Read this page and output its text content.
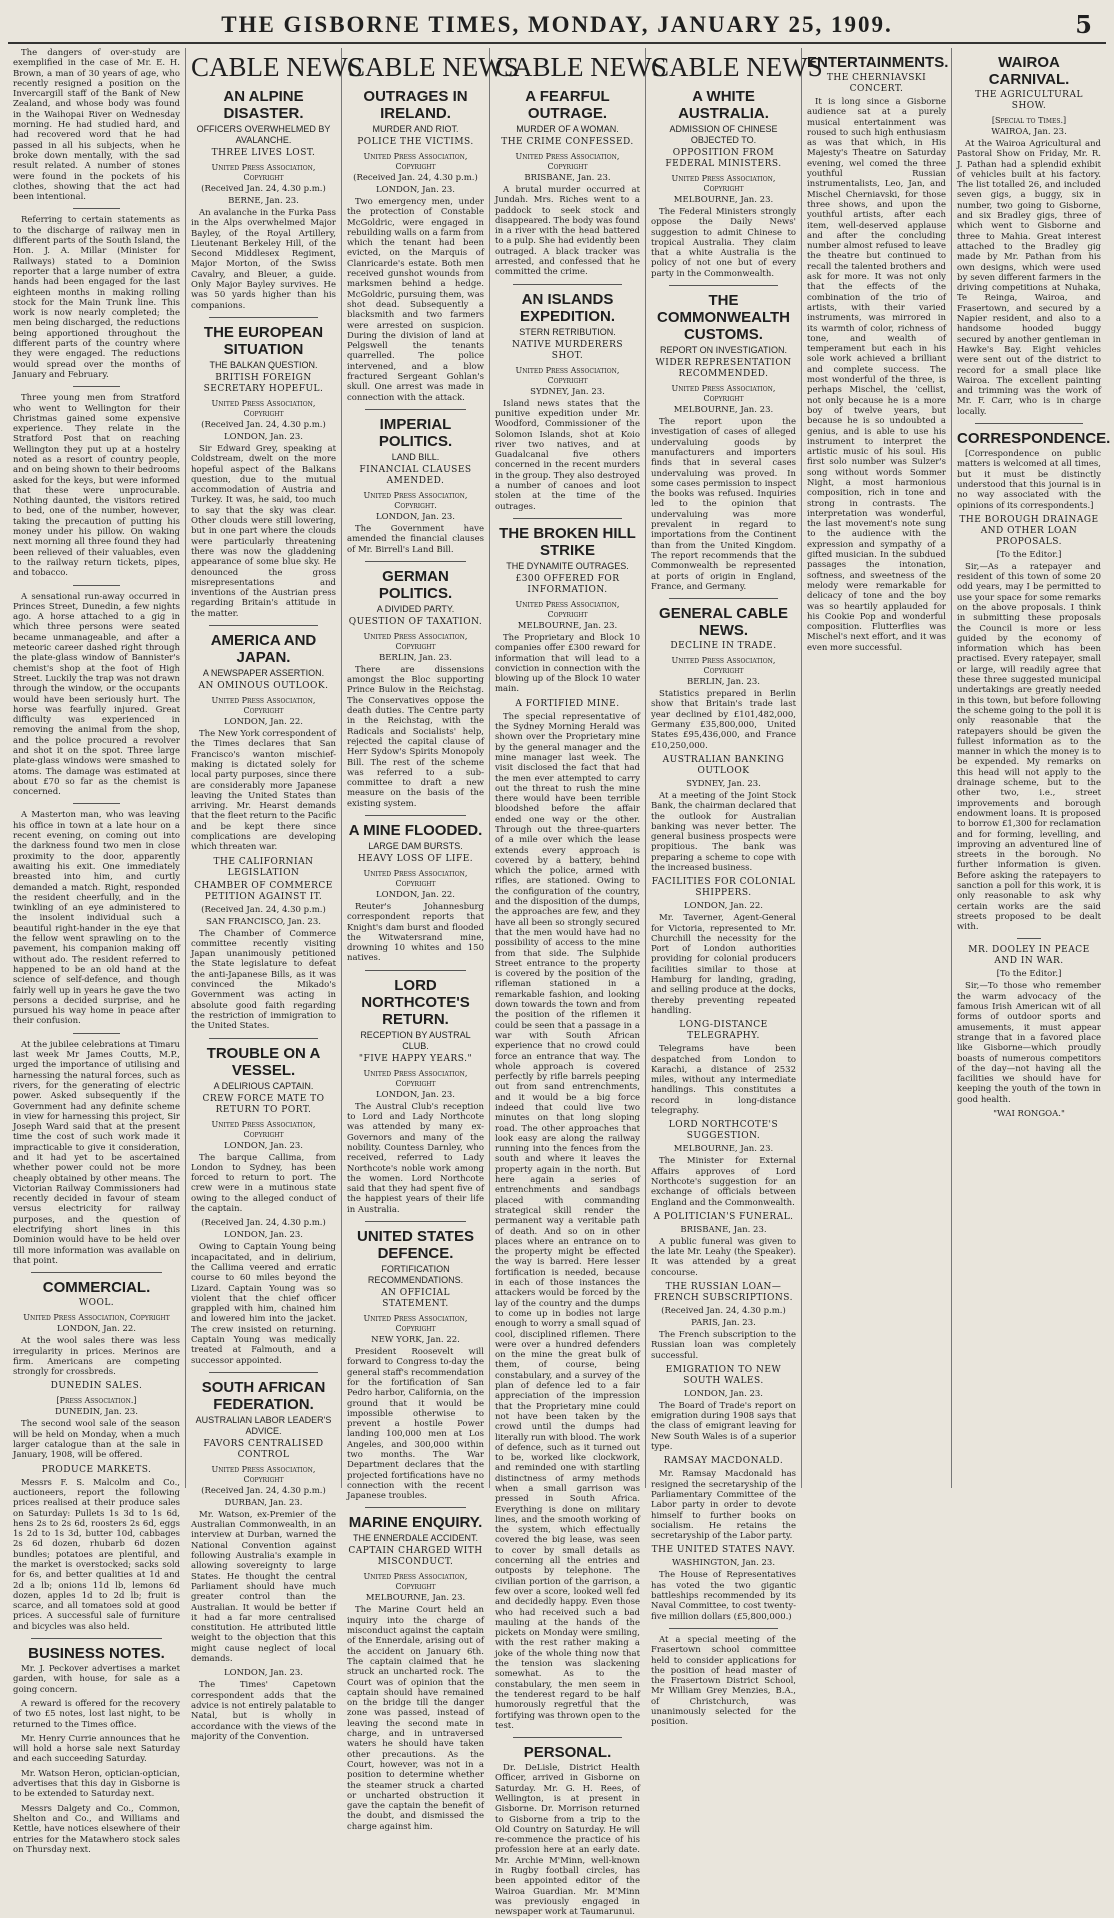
THE GISBORNE TIMES, MONDAY, JANUARY 25, 1909.	5

The dangers of over-study are exemplified in the case of Mr. E. H. Brown, a man of 30 years of age, who recently resigned a position on the Invercargill staff of the Bank of New Zealand, and whose body was found in the Waihopai River on Wednesday morning. He had studied hard, and had recovered word that he had passed in all his subjects, when he broke down mentally, with the sad result related. A number of stones were found in the pockets of his clothes, showing that the act had been intentional.

Referring to certain statements as to the discharge of railway men in different parts of the South Island, the Hon. J. A. Millar (Minister for Railways) stated to a Dominion reporter that a large number of extra hands had been engaged for the last eighteen months in making rolling stock for the Main Trunk line. This work is now nearly completed; the men being discharged, the reductions being apportioned throughout the different parts of the country where they were engaged. The reductions would spread over the months of January and February.

Three young men from Stratford who went to Wellington for their Christmas gained some expensive experience. They relate in the Stratford Post that on reaching Wellington they put up at a hostelry noted as a resort of country people, and on being shown to their bedrooms asked for the keys, but were informed that these were unprocurable. Nothing daunted, the visitors retired to bed, one of the number, however, taking the precaution of putting his money under his pillow. On waking next morning all three found they had been relieved of their valuables, even to the railway return tickets, pipes, and tobacco.

A sensational run-away occurred in Princes Street, Dunedin, a few nights ago. A horse attached to a gig in which three persons were seated became unmanageable, and after a meteoric career dashed right through the plate-glass window of Bannister's chemist's shop at the foot of High Street. Luckily the trap was not drawn through the window, or the occupants would have been seriously hurt. The horse was fearfully injured. Great difficulty was experienced in removing the animal from the shop, and the police procured a revolver and shot it on the spot. Three large plate-glass windows were smashed to atoms. The damage was estimated at about £70 so far as the chemist is concerned.

A Masterton man, who was leaving his office in town at a late hour on a recent evening, on coming out into the darkness found two men in close proximity to the door, apparently awaiting his exit. One immediately breasted into him, and curtly demanded a match. Right, responded the resident cheerfully, and in the twinkling of an eye administered to the insolent individual such a beautiful right-hander in the eye that the fellow went sprawling on to the pavement, his companion making off without ado. The resident referred to happened to be an old hand at the science of self-defence, and though fairly well up in years he gave the two persons a decided surprise, and he pursued his way home in peace after their confusion.

At the jubilee celebrations at Timaru last week Mr James Coutts, M.P., urged the importance of utilising and harnessing the natural forces, such as rivers, for the generating of electric power. Asked subsequently if the Government had any definite scheme in view for harnessing this project, Sir Joseph Ward said that at the present time the cost of such work made it impracticable to give it consideration, and it had yet to be ascertained whether power could not be more cheaply obtained by other means. The Victorian Railway Commissioners had recently decided in favour of steam versus electricity for railway purposes, and the question of electrifying short lines in this Dominion would have to be held over till more information was available on that point.

COMMERCIAL.
WOOL.
United Press Association, Copyright
LONDON, Jan. 22.

At the wool sales there was less irregularity in prices. Merinos are firm. Americans are competing strongly for crossbreds.

DUNEDIN SALES.
[Press Association.]
DUNEDIN, Jan. 23.

The second wool sale of the season will be held on Monday, when a much larger catalogue than at the sale in January, 1908, will be offered.

PRODUCE MARKETS.

Messrs F. S. Malcolm and Co., auctioneers, report the following prices realised at their produce sales on Saturday: Pullets 1s 3d to 1s 6d, hens 2s to 2s 6d, roosters 2s 6d, eggs 1s 2d to 1s 3d, butter 10d, cabbages 2s 6d dozen, rhubarb 6d dozen bundles; potatoes are plentiful, and the market is overstocked; sacks sold for 6s, and better qualities at 1d and 2d a lb; onions 11d lb, lemons 6d dozen, apples 1d to 2d lb; fruit is scarce, and all tomatoes sold at good prices. A successful sale of furniture and bicycles was also held.

BUSINESS NOTES.

Mr. J. Peckover advertises a market garden, with house, for sale as a going concern.

A reward is offered for the recovery of two £5 notes, lost last night, to be returned to the Times office.

Mr. Henry Currie announces that he will hold a horse sale next Saturday and each succeeding Saturday.

Mr. Watson Heron, optician-optician, advertises that this day in Gisborne is to be extended to Saturday next.

Messrs Dalgety and Co., Common, Shelton and Co., and Williams and Kettle, have notices elsewhere of their entries for the Matawhero stock sales on Thursday next.

CABLE NEWS
AN ALPINE DISASTER.
OFFICERS OVERWHELMED BY AVALANCHE.
THREE LIVES LOST.
United Press Association, Copyright
(Received Jan. 24, 4.30 p.m.)
BERNE, Jan. 23.

An avalanche in the Furka Pass in the Alps overwhelmed Major Bayley, of the Royal Artillery, Lieutenant Berkeley Hill, of the Second Middlesex Regiment, Major Morton, of the Swiss Cavalry, and Bleuer, a guide. Only Major Bayley survives. He was 50 yards higher than his companions.

THE EUROPEAN SITUATION
THE BALKAN QUESTION.
BRITISH FOREIGN SECRETARY HOPEFUL.
United Press Association, Copyright
(Received Jan. 24, 4.30 p.m.)
LONDON, Jan. 23.

Sir Edward Grey, speaking at Coldstream, dwelt on the more hopeful aspect of the Balkans question, due to the mutual accommodation of Austria and Turkey. It was, he said, too much to say that the sky was clear. Other clouds were still lowering, but in one part where the clouds were particularly threatening there was now the gladdening appearance of some blue sky. He denounced the gross misrepresentations and inventions of the Austrian press regarding Britain's attitude in the matter.

AMERICA AND JAPAN.
A NEWSPAPER ASSERTION.
AN OMINOUS OUTLOOK.
United Press Association, Copyright
LONDON, Jan. 22.

The New York correspondent of the Times declares that San Francisco's wanton mischief-making is dictated solely for local party purposes, since there are considerably more Japanese leaving the United States than arriving. Mr. Hearst demands that the fleet return to the Pacific and be kept there since complications are developing which threaten war.

THE CALIFORNIAN LEGISLATION
CHAMBER OF COMMERCE PETITION AGAINST IT.
(Received Jan. 24, 4.30 p.m.)
SAN FRANCISCO, Jan. 23.

The Chamber of Commerce committee recently visiting Japan unanimously petitioned the State legislature to defeat the anti-Japanese Bills, as it was convinced the Mikado's Government was acting in absolute good faith regarding the restriction of immigration to the United States.

TROUBLE ON A VESSEL.
A DELIRIOUS CAPTAIN.
CREW FORCE MATE TO RETURN TO PORT.
United Press Association, Copyright
LONDON, Jan. 23.

The barque Callima, from London to Sydney, has been forced to return to port. The crew were in a mutinous state owing to the alleged conduct of the captain.

(Received Jan. 24, 4.30 p.m.)
LONDON, Jan. 23.

Owing to Captain Young being incapacitated, and in delirium, the Callima veered and erratic course to 60 miles beyond the Lizard. Captain Young was so violent that the chief officer grappled with him, chained him and lowered him into the jacket. The crew insisted on returning. Captain Young was medically treated at Falmouth, and a successor appointed.

SOUTH AFRICAN FEDERATION.
AUSTRALIAN LABOR LEADER'S ADVICE.
FAVORS CENTRALISED CONTROL
United Press Association, Copyright
(Received Jan. 24, 4.30 p.m.)
DURBAN, Jan. 23.

Mr. Watson, ex-Premier of the Australian Commonwealth, in an interview at Durban, warned the National Convention against following Australia's example in allowing sovereignty to large States. He thought the central Parliament should have much greater control than the Australian. It would be better if it had a far more centralised constitution. He attributed little weight to the objection that this might cause neglect of local demands.

LONDON, Jan. 23.

The Times' Capetown correspondent adds that the advice is not entirely palatable to Natal, but is wholly in accordance with the views of the majority of the Convention.

CABLE NEWS
OUTRAGES IN IRELAND.
MURDER AND RIOT.
POLICE THE VICTIMS.
United Press Association, Copyright
(Received Jan. 24, 4.30 p.m.)
LONDON, Jan. 23.

Two emergency men, under the protection of Constable McGoldric, were engaged in rebuilding walls on a farm from which the tenant had been evicted, on the Marquis of Clanricarde's estate. Both men received gunshot wounds from marksmen behind a hedge. McGoldric, pursuing them, was shot dead. Subsequently a blacksmith and two farmers were arrested on suspicion. During the division of land at Pelgswell the tenants quarrelled. The police intervened, and a blow fractured Sergeant Gohlan's skull. One arrest was made in connection with the attack.

IMPERIAL POLITICS.
LAND BILL.
FINANCIAL CLAUSES AMENDED.
United Press Association, Copyright.
LONDON, Jan. 23.

The Government have amended the financial clauses of Mr. Birrell's Land Bill.

GERMAN POLITICS.
A DIVIDED PARTY.
QUESTION OF TAXATION.
United Press Association, Copyright
BERLIN, Jan. 23.

There are dissensions amongst the Bloc supporting Prince Bulow in the Reichstag. The Conservatives oppose the death duties. The Centre party in the Reichstag, with the Radicals and Socialists' help, rejected the capital clause of Herr Sydow's Spirits Monopoly Bill. The rest of the scheme was referred to a sub-committee to draft a new measure on the basis of the existing system.

A MINE FLOODED.
LARGE DAM BURSTS.
HEAVY LOSS OF LIFE.
United Press Association, Copyright
LONDON, Jan. 22.

Reuter's Johannesburg correspondent reports that Knight's dam burst and flooded the Witwatersrand mine, drowning 10 whites and 150 natives.

LORD NORTHCOTE'S RETURN.
RECEPTION BY AUSTRAL CLUB.
"FIVE HAPPY YEARS."
United Press Association, Copyright
LONDON, Jan. 23.

The Austral Club's reception to Lord and Lady Northcote was attended by many ex-Governors and many of the nobility. Countess Darnley, who received, referred to Lady Northcote's noble work among the women. Lord Northcote said that they had spent five of the happiest years of their life in Australia.

UNITED STATES DEFENCE.
FORTIFICATION RECOMMENDATIONS.
AN OFFICIAL STATEMENT.
United Press Association, Copyright
NEW YORK, Jan. 22.

President Roosevelt will forward to Congress to-day the general staff's recommendation for the fortification of San Pedro harbor, California, on the ground that it would be impossible otherwise to prevent a hostile Power landing 100,000 men at Los Angeles, and 300,000 within two months. The War Department declares that the projected fortifications have no connection with the recent Japanese troubles.

MARINE ENQUIRY.
THE ENNERDALE ACCIDENT.
CAPTAIN CHARGED WITH MISCONDUCT.
United Press Association, Copyright
MELBOURNE, Jan. 23.

The Marine Court held an inquiry into the charge of misconduct against the captain of the Ennerdale, arising out of the accident on January 6th. The captain claimed that he struck an uncharted rock. The Court was of opinion that the captain should have remained on the bridge till the danger zone was passed, instead of leaving the second mate in charge, and in untraversed waters he should have taken other precautions. As the Court, however, was not in a position to determine whether the steamer struck a charted or uncharted obstruction it gave the captain the benefit of the doubt, and dismissed the charge against him.

CABLE NEWS
A FEARFUL OUTRAGE.
MURDER OF A WOMAN.
THE CRIME CONFESSED.
United Press Association, Copyright
BRISBANE, Jan. 23.

A brutal murder occurred at Jundah. Mrs. Riches went to a paddock to seek stock and disappeared. The body was found in a river with the head battered to a pulp. She had evidently been outraged. A black tracker was arrested, and confessed that he committed the crime.

AN ISLANDS EXPEDITION.
STERN RETRIBUTION.
NATIVE MURDERERS SHOT.
United Press Association, Copyright
SYDNEY, Jan. 23.

Island news states that the punitive expedition under Mr. Woodford, Commissioner of the Solomon Islands, shot at Koio river two natives, and at Guadalcanal five others concerned in the recent murders in the group. They also destroyed a number of canoes and loot stolen at the time of the outrages.

THE BROKEN HILL STRIKE
THE DYNAMITE OUTRAGES.
£300 OFFERED FOR INFORMATION.
United Press Association, Copyright
MELBOURNE, Jan. 23.

The Proprietary and Block 10 companies offer £300 reward for information that will lead to a conviction in connection with the blowing up of the Block 10 water main.

A FORTIFIED MINE.

The special representative of the Sydney Morning Herald was shown over the Proprietary mine by the general manager and the mine manager last week. The visit disclosed the fact that had the men ever attempted to carry out the threat to rush the mine there would have been terrible bloodshed before the affair ended one way or the other. Through out the three-quarters of a mile over which the lease extends every approach is covered by a battery, behind which the police, armed with rifles, are stationed. Owing to the configuration of the country, and the disposition of the dumps, the approaches are few, and they have all been so strongly secured that the men would have had no possibility of access to the mine from that side. The Sulphide Street entrance to the property is covered by the position of the rifleman stationed in a remarkable fashion, and looking down towards the town and from the position of the riflemen it could be seen that a passage in a war with South African experience that no crowd could force an entrance that way. The whole approach is covered perfectly by rifle barrels peeping out from sand entrenchments, and it would be a big force indeed that could live two minutes on that long sloping road. The other approaches that look easy are along the railway running into the fences from the south and where it leaves the property again in the north. But here again a series of entrenchments and sandbags placed with commanding strategical skill render the permanent way a veritable path of death. And so on in other places where an entrance on to the property might be effected the way is barred. Here lesser fortification is needed, because in each of those instances the attackers would be forced by the lay of the country and the dumps to come up in bodies not large enough to worry a small squad of cool, disciplined riflemen. There were over a hundred defenders on the mine the great bulk of them, of course, being constabulary, and a survey of the plan of defence led to a fair appreciation of the impression that the Proprietary mine could not have been taken by the crowd until the dumps had literally run with blood. The work of defence, such as it turned out to be, worked like clockwork, and reminded one with startling distinctness of army methods when a small garrison was pressed in South Africa. Everything is done on military lines, and the smooth working of the system, which effectually covered the big lease, was seen to cover by small details as concerning all the entries and outposts by telephone. The civilian portion of the garrison, a few over a score, looked well fed and decidedly happy. Even those who had received such a bad mauling at the hands of the pickets on Monday were smiling, with the rest rather making a joke of the whole thing now that the tension was slackening somewhat. As to the constabulary, the men seem in the tenderest regard to be half humorously regretful that the fortifying was thrown open to the test.

PERSONAL.

Dr. DeLisle, District Health Officer, arrived in Gisborne on Saturday. Mr. G. H. Rees, of Wellington, is at present in Gisborne. Dr. Morrison returned to Gisborne from a trip to the Old Country on Saturday. He will re-commence the practice of his profession here at an early date. Mr. Archie M'Minn, well-known in Rugby football circles, has been appointed editor of the Wairoa Guardian. Mr. M'Minn was previously engaged in newspaper work at Taumarunui.

CABLE NEWS
A WHITE AUSTRALIA.
ADMISSION OF CHINESE OBJECTED TO.
OPPOSITION FROM FEDERAL MINISTERS.
United Press Association, Copyright
MELBOURNE, Jan. 23.

The Federal Ministers strongly oppose the Daily News' suggestion to admit Chinese to tropical Australia. They claim that a white Australia is the policy of not one but of every party in the Commonwealth.

THE COMMONWEALTH CUSTOMS.
REPORT ON INVESTIGATION.
WIDER REPRESENTATION RECOMMENDED.
United Press Association, Copyright
MELBOURNE, Jan. 23.

The report upon the investigation of cases of alleged undervaluing goods by manufacturers and importers finds that in several cases undervaluing was proved. In some cases permission to inspect the books was refused. Inquiries led to the opinion that undervaluing was more prevalent in regard to importations from the Continent than from the United Kingdom. The report recommends that the Commonwealth be represented at ports of origin in England, France, and Germany.

GENERAL CABLE NEWS.
DECLINE IN TRADE.
United Press Association, Copyright
BERLIN, Jan. 23.

Statistics prepared in Berlin show that Britain's trade last year declined by £101,482,000, Germany £35,800,000, United States £95,436,000, and France £10,250,000.

AUSTRALIAN BANKING OUTLOOK
SYDNEY, Jan. 23.

At a meeting of the Joint Stock Bank, the chairman declared that the outlook for Australian banking was never better. The general business prospects were propitious. The bank was preparing a scheme to cope with the increased business.

FACILITIES FOR COLONIAL SHIPPERS.
LONDON, Jan. 22.

Mr. Taverner, Agent-General for Victoria, represented to Mr. Churchill the necessity for the Port of London authorities providing for colonial producers facilities similar to those at Hamburg for landing, grading, and selling produce at the docks, thereby preventing repeated handling.

LONG-DISTANCE TELEGRAPHY.

Telegrams have been despatched from London to Karachi, a distance of 2532 miles, without any intermediate handlings. This constitutes a record in long-distance telegraphy.

LORD NORTHCOTE'S SUGGESTION.
MELBOURNE, Jan. 23.

The Minister for External Affairs approves of Lord Northcote's suggestion for an exchange of officials between England and the Commonwealth.

A POLITICIAN'S FUNERAL.
BRISBANE, Jan. 23.

A public funeral was given to the late Mr. Leahy (the Speaker). It was attended by a great concourse.

THE RUSSIAN LOAN—FRENCH SUBSCRIPTIONS.
(Received Jan. 24, 4.30 p.m.)
PARIS, Jan. 23.

The French subscription to the Russian loan was completely successful.

EMIGRATION TO NEW SOUTH WALES.
LONDON, Jan. 23.

The Board of Trade's report on emigration during 1908 says that the class of emigrant leaving for New South Wales is of a superior type.

RAMSAY MACDONALD.

Mr. Ramsay Macdonald has resigned the secretaryship of the Parliamentary Committee of the Labor party in order to devote himself to further books on socialism. He retains the secretaryship of the Labor party.

THE UNITED STATES NAVY.
WASHINGTON, Jan. 23.

The House of Representatives has voted the two gigantic battleships recommended by its Naval Committee, to cost twenty-five million dollars (£5,800,000.)

At a special meeting of the Frasertown school committee held to consider applications for the position of head master of the Frasertown District School, Mr William Grey Menzies, B.A., of Christchurch, was unanimously selected for the position.

ENTERTAINMENTS.
THE CHERNIAVSKI CONCERT.

It is long since a Gisborne audience sat at a purely musical entertainment was roused to such high enthusiasm as was that which, in His Majesty's Theatre on Saturday evening, wel comed the three youthful Russian instrumentalists, Leo, Jan, and Mischel Cherniavski, for those three shows, and upon the youthful artists, after each item, well-deserved applause and after the concluding number almost refused to leave the theatre but continued to recall the talented brothers and ask for more. It was not only that the effects of the combination of the trio of artists, with their varied instruments, was mirrored in its warmth of color, richness of tone, and wealth of temperament but each in his sole work achieved a brilliant and complete success. The most wonderful of the three, is perhaps Mischel, the 'cellist, not only because he is a more boy of twelve years, but because he is so undoubted a genius, and is able to use his instrument to interpret the artistic music of his soul. His first solo number was Sulzer's song without words Sommer Night, a most harmonious composition, rich in tone and strong in contrasts. The interpretation was wonderful, the last movement's note sung to the audience with the expression and sympathy of a gifted musician. In the subdued passages the intonation, softness, and sweetness of the melody were remarkable for delicacy of tone and the boy was so heartily applauded for his Cookie Pop and wonderful composition. Flutterflies was Mischel's next effort, and it was even more successful.

WAIROA CARNIVAL.
THE AGRICULTURAL SHOW.
[Special to Times.]
WAIROA, Jan. 23.

At the Wairoa Agricultural and Pastoral Show on Friday, Mr. R. J. Pathan had a splendid exhibit of vehicles built at his factory. The list totalled 26, and included seven gigs, a buggy, six in number, two going to Gisborne, and six Bradley gigs, three of which went to Gisborne and three to Mahia. Great interest attached to the Bradley gig made by Mr. Pathan from his own designs, which were used by seven different farmers in the driving competitions at Nuhaka, Te Reinga, Wairoa, and Frasertown, and secured by a Napier resident, and also to a handsome hooded buggy secured by another gentleman in Hawke's Bay. Eight vehicles were sent out of the district to record for a small place like Wairoa. The excellent painting and trimming was the work of Mr. F. Carr, who is in charge locally.

CORRESPONDENCE.

[Correspondence on public matters is welcomed at all times, but it must be distinctly understood that this journal is in no way associated with the opinions of its correspondents.]

THE BOROUGH DRAINAGE AND OTHER LOAN PROPOSALS.
[To the Editor.]

Sir,—As a ratepayer and resident of this town of some 20 odd years, may I be permitted to use your space for some remarks on the above proposals. I think in submitting these proposals the Council is more or less guided by the economy of information which has been practised. Every ratepayer, small or large, will readily agree that these three suggested municipal undertakings are greatly needed in this town, but before following the scheme going to the poll it is only reasonable that the ratepayers should be given the fullest information as to the manner in which the money is to be expended. My remarks on this head will not apply to the drainage scheme, but to the other two, i.e., street improvements and borough endowment loans. It is proposed to borrow £1,300 for reclamation and for forming, levelling, and improving an adventured line of streets in the borough. No further information is given. Before asking the ratepayers to sanction a poll for this work, it is only reasonable to ask why certain works are the said streets proposed to be dealt with.

MR. DOOLEY IN PEACE AND IN WAR.
[To the Editor.]

Sir,—To those who remember the warm advocacy of the famous Irish American wit of all forms of outdoor sports and amusements, it must appear strange that in a favored place like Gisborne—which proudly boasts of numerous competitors of the day—not having all the facilities we should have for keeping the youth of the town in good health.

"WAI RONGOA."
